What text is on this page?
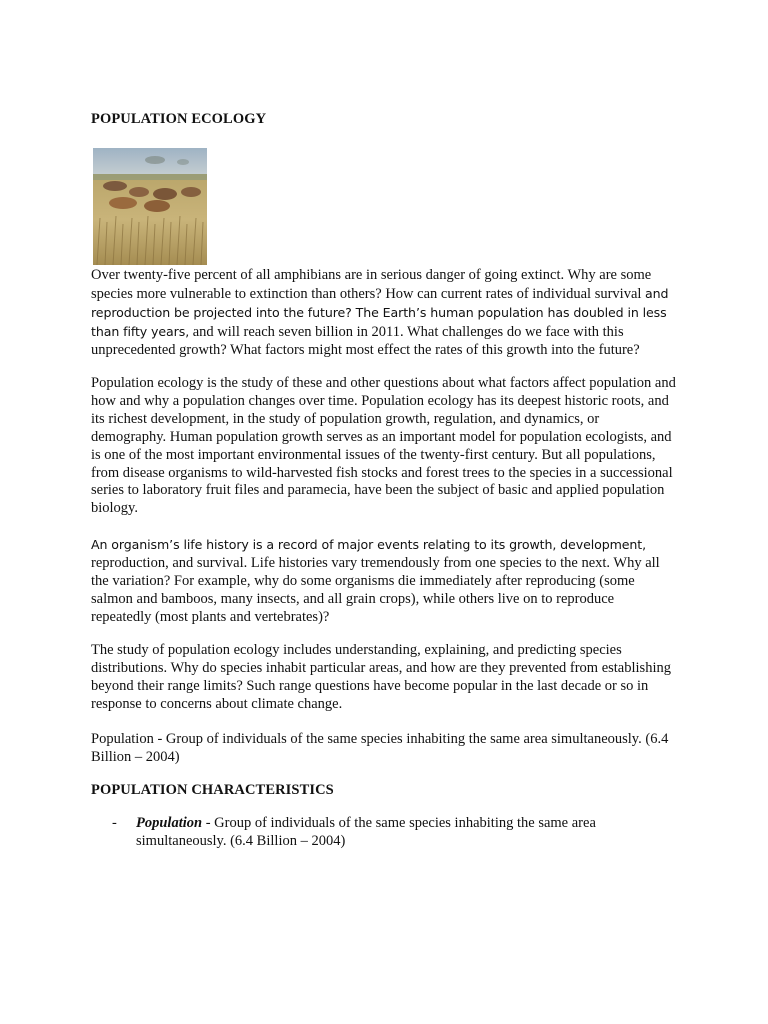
POPULATION ECOLOGY

Over twenty-five percent of all amphibians are in serious danger of going extinct. Why are some species more vulnerable to extinction than others? How can current rates of individual survival and reproduction be projected into the future? The Earth’s human population has doubled in less than fifty years, and will reach seven billion in 2011. What challenges do we face with this unprecedented growth? What factors might most effect the rates of this growth into the future?

Population ecology is the study of these and other questions about what factors affect population and how and why a population changes over time. Population ecology has its deepest historic roots, and its richest development, in the study of population growth, regulation, and dynamics, or demography. Human population growth serves as an important model for population ecologists, and is one of the most important environmental issues of the twenty-first century. But all populations, from disease organisms to wild-harvested fish stocks and forest trees to the species in a successional series to laboratory fruit files and paramecia, have been the subject of basic and applied population biology.

An organism’s life history is a record of major events relating to its growth, development, reproduction, and survival. Life histories vary tremendously from one species to the next. Why all the variation? For example, why do some organisms die immediately after reproducing (some salmon and bamboos, many insects, and all grain crops), while others live on to reproduce repeatedly (most plants and vertebrates)?

The study of population ecology includes understanding, explaining, and predicting species distributions. Why do species inhabit particular areas, and how are they prevented from establishing beyond their range limits? Such range questions have become popular in the last decade or so in response to concerns about climate change.

Population - Group of individuals of the same species inhabiting the same area simultaneously. (6.4 Billion – 2004)

POPULATION CHARACTERISTICS
- Population - Group of individuals of the same species inhabiting the same area simultaneously. (6.4 Billion – 2004)
